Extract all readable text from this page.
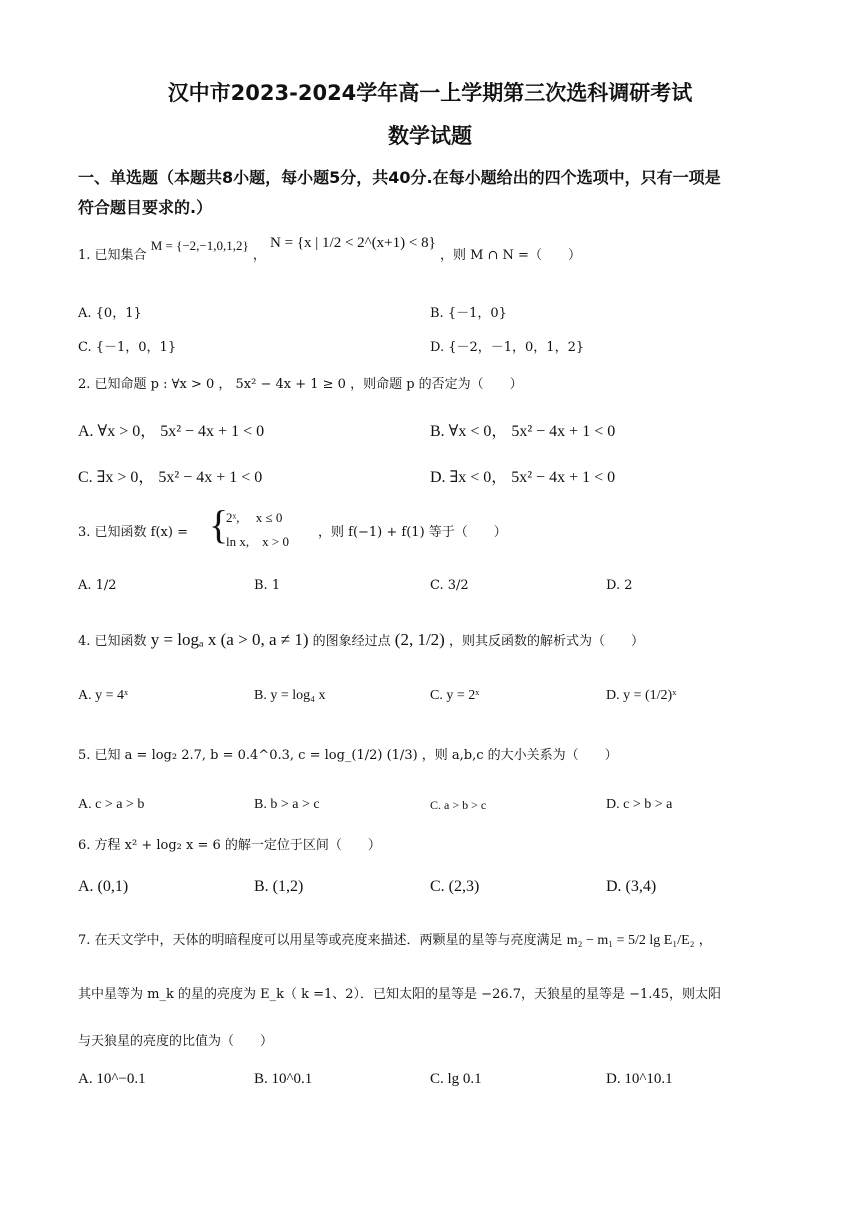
汉中市2023-2024学年高一上学期第三次选科调研考试
数学试题
一、单选题（本题共8小题，每小题5分，共40分.在每小题给出的四个选项中，只有一项是
符合题目要求的.）
1. 已知集合 M = {−2,−1,0,1,2} ， N = {x | 1/2 < 2^(x+1) < 8} ，则 M ∩ N =（　　）
A. {0，1}	B. {－1，0}
C. {－1，0，1}	D. {－2，－1，0，1，2}
2. 已知命题 p : ∀x > 0 ， 5x² − 4x + 1 ≥ 0 ，则命题 p 的否定为（　　）
A. ∀x > 0， 5x² − 4x + 1 < 0	B. ∀x < 0， 5x² − 4x + 1 < 0
C. ∃x > 0， 5x² − 4x + 1 < 0	D. ∃x < 0， 5x² − 4x + 1 < 0
3. 已知函数 f(x) = {
2ˣ,　 x ≤ 0
ln x,　x > 0
，则 f(−1) + f(1) 等于（　　）
A. 1/2	B. 1	C. 3/2	D. 2
4. 已知函数 y = logₐ x (a > 0, a ≠ 1) 的图象经过点 (2, 1/2) ，则其反函数的解析式为（　　）
A. y = 4ˣ	B. y = log₄ x	C. y = 2ˣ	D. y = (1/2)ˣ
5. 已知 a = log₂ 2.7, b = 0.4^0.3, c = log_(1/2) (1/3) ，则 a,b,c 的大小关系为（　　）
A. c > a > b	B. b > a > c	C. a > b > c	D. c > b > a
6. 方程 x² + log₂ x = 6 的解一定位于区间（　　）
A. (0,1)	B. (1,2)	C. (2,3)	D. (3,4)
7. 在天文学中，天体的明暗程度可以用星等或亮度来描述．两颗星的星等与亮度满足 m₂ − m₁ = 5/2 lg E₁/E₂ ，
其中星等为 m_k 的星的亮度为 E_k（ k =1、2）．已知太阳的星等是 −26.7，天狼星的星等是 −1.45，则太阳
与天狼星的亮度的比值为（　　）
A. 10^−0.1	B. 10^0.1	C. lg 0.1	D. 10^10.1
